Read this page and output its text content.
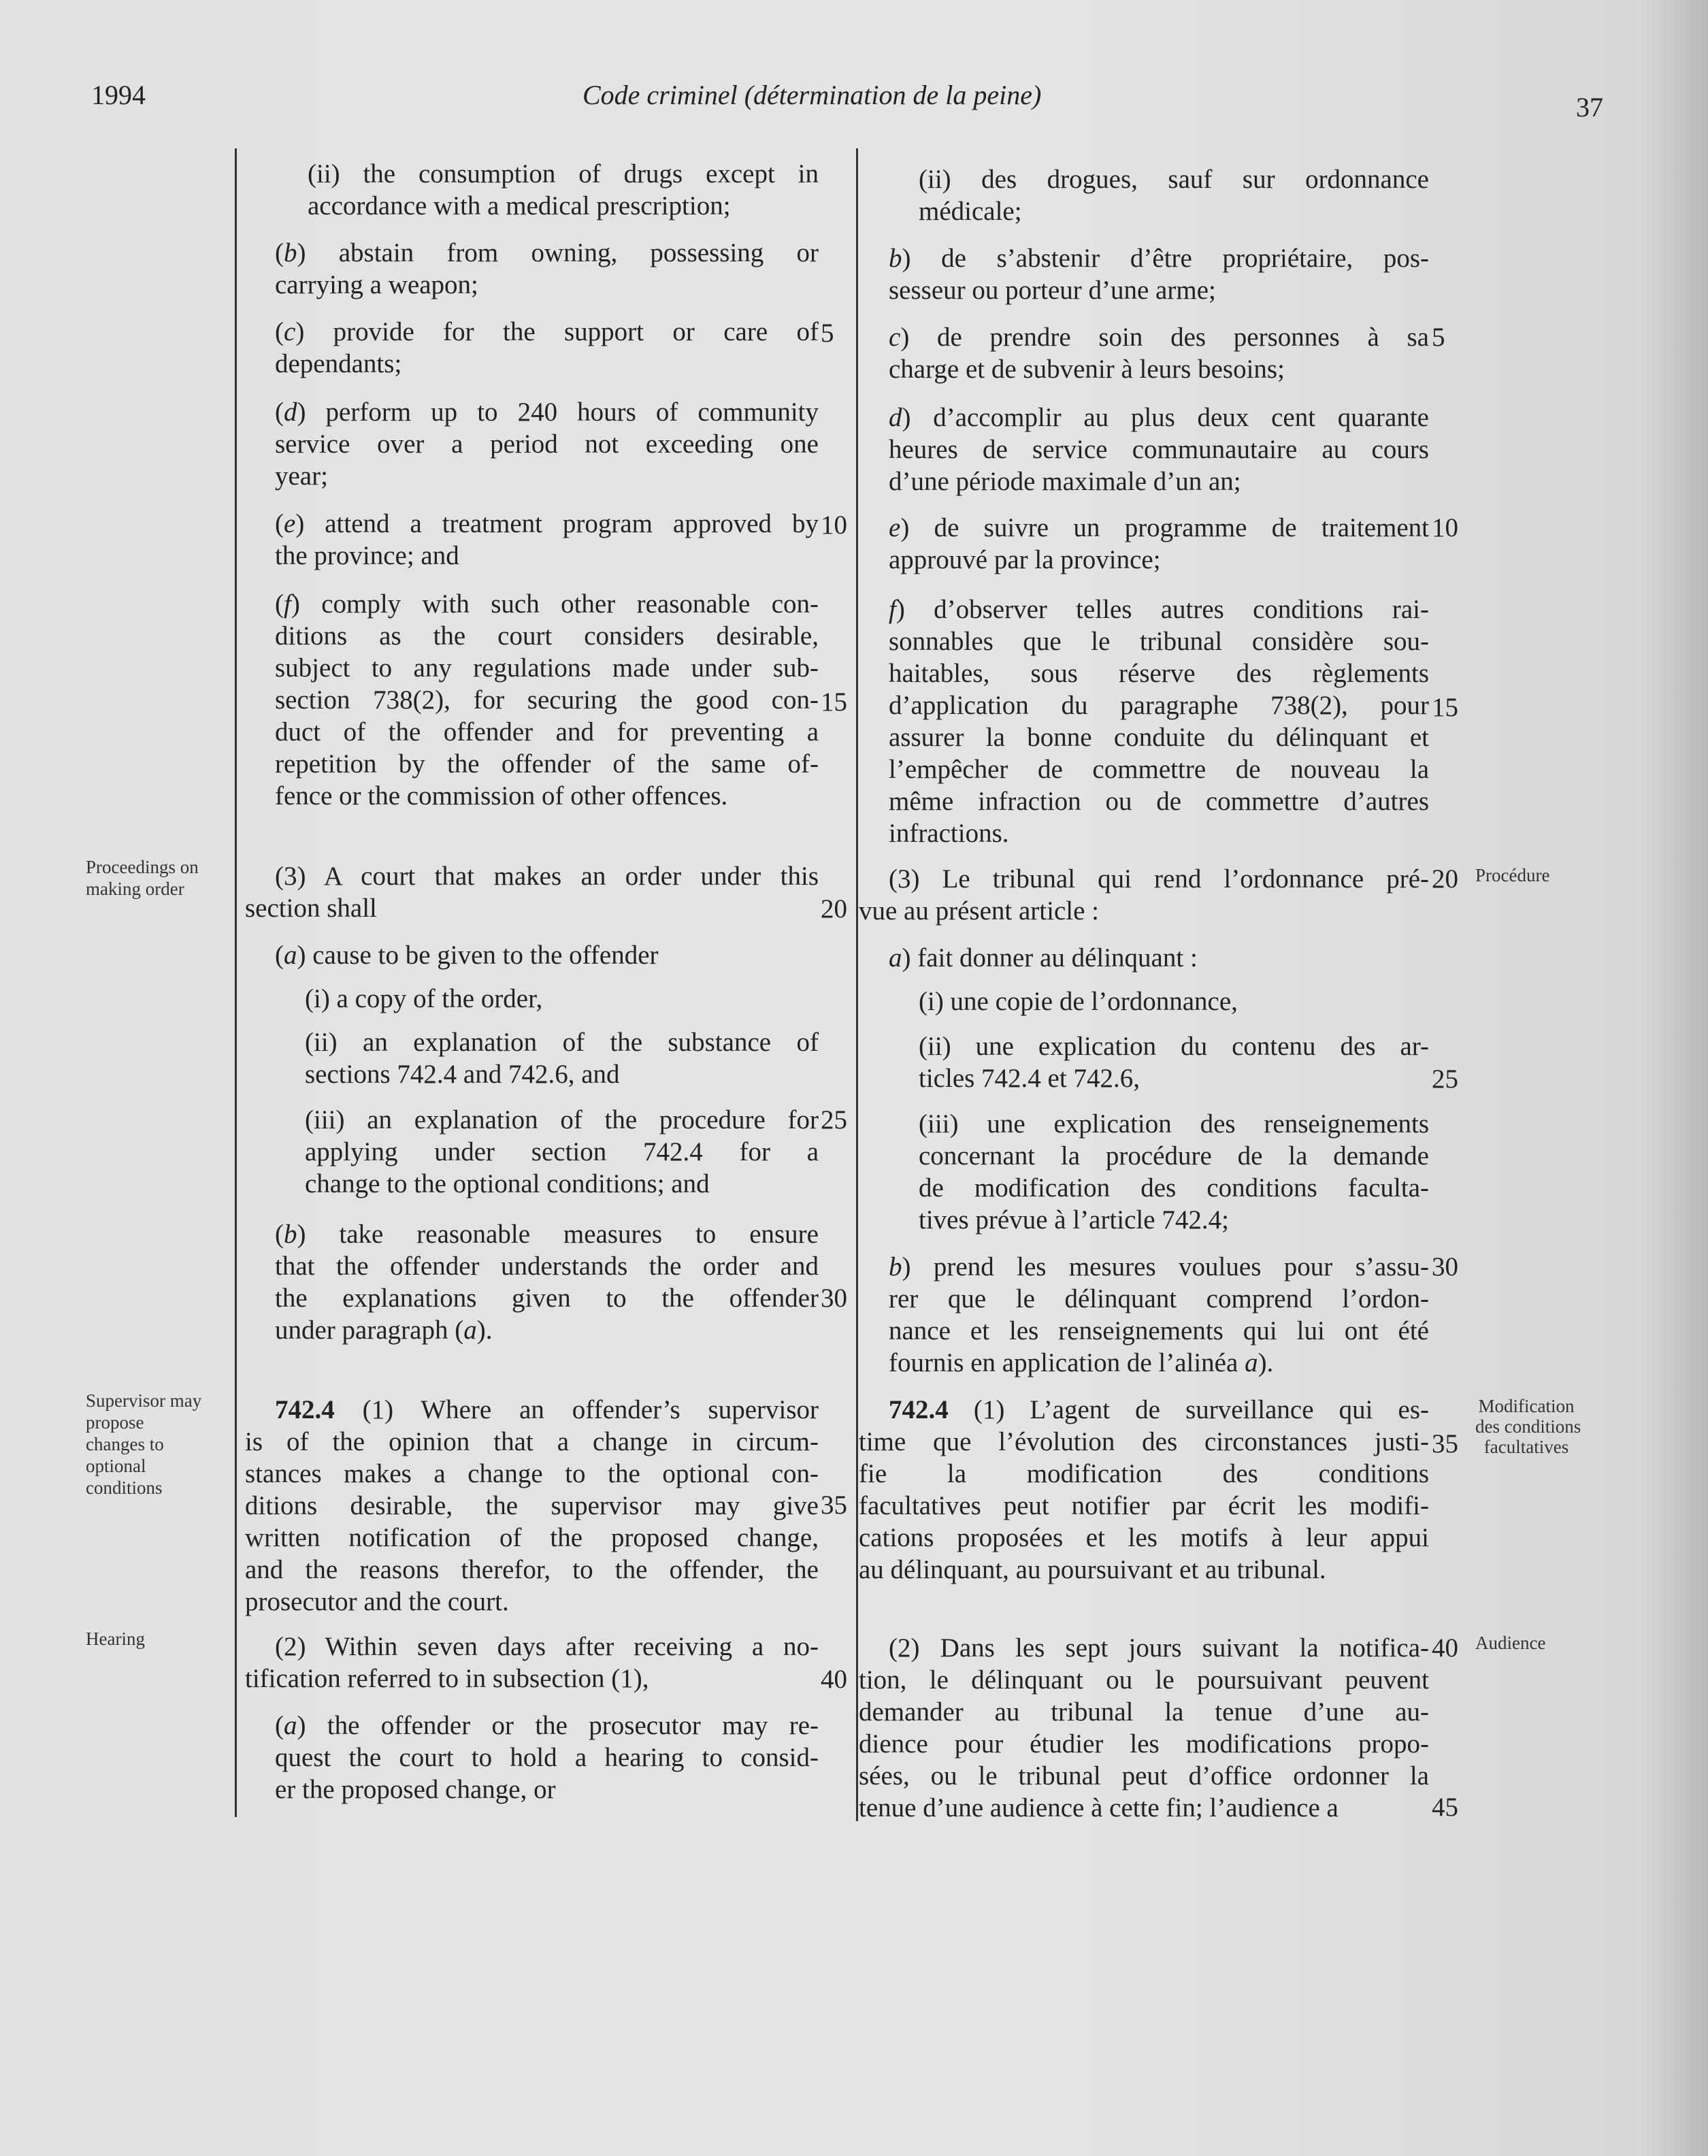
1994	Code criminel (détermination de la peine)	37
Proceedings on
making order
Supervisor may
propose
changes to
optional
conditions
Hearing
Procédure
Modification
des conditions
facultatives
Audience
5
10
15
20
25
30
35
40
5
10
15
20
25
30
35
40
45
(ii) the consumption of drugs except in
accordance with a medical prescription;
(b) abstain from owning, possessing or
carrying a weapon;
(c) provide for the support or care of
dependants;
(d) perform up to 240 hours of community
service over a period not exceeding one
year;
(e) attend a treatment program approved by
the province; and
(f) comply with such other reasonable con-
ditions as the court considers desirable,
subject to any regulations made under sub-
section 738(2), for securing the good con-
duct of the offender and for preventing a
repetition by the offender of the same of-
fence or the commission of other offences.
(3) A court that makes an order under this
section shall
(a) cause to be given to the offender
(i) a copy of the order,
(ii) an explanation of the substance of
sections 742.4 and 742.6, and
(iii) an explanation of the procedure for
applying under section 742.4 for a
change to the optional conditions; and
(b) take reasonable measures to ensure
that the offender understands the order and
the explanations given to the offender
under paragraph (a).
742.4 (1) Where an offender’s supervisor
is of the opinion that a change in circum-
stances makes a change to the optional con-
ditions desirable, the supervisor may give
written notification of the proposed change,
and the reasons therefor, to the offender, the
prosecutor and the court.
(2) Within seven days after receiving a no-
tification referred to in subsection (1),
(a) the offender or the prosecutor may re-
quest the court to hold a hearing to consid-
er the proposed change, or
(ii) des drogues, sauf sur ordonnance
médicale;
b) de s’abstenir d’être propriétaire, pos-
sesseur ou porteur d’une arme;
c) de prendre soin des personnes à sa
charge et de subvenir à leurs besoins;
d) d’accomplir au plus deux cent quarante
heures de service communautaire au cours
d’une période maximale d’un an;
e) de suivre un programme de traitement
approuvé par la province;
f) d’observer telles autres conditions rai-
sonnables que le tribunal considère sou-
haitables, sous réserve des règlements
d’application du paragraphe 738(2), pour
assurer la bonne conduite du délinquant et
l’empêcher de commettre de nouveau la
même infraction ou de commettre d’autres
infractions.
(3) Le tribunal qui rend l’ordonnance pré-
vue au présent article :
a) fait donner au délinquant :
(i) une copie de l’ordonnance,
(ii) une explication du contenu des ar-
ticles 742.4 et 742.6,
(iii) une explication des renseignements
concernant la procédure de la demande
de modification des conditions faculta-
tives prévue à l’article 742.4;
b) prend les mesures voulues pour s’assu-
rer que le délinquant comprend l’ordon-
nance et les renseignements qui lui ont été
fournis en application de l’alinéa a).
742.4 (1) L’agent de surveillance qui es-
time que l’évolution des circonstances justi-
fie la modification des conditions
facultatives peut notifier par écrit les modifi-
cations proposées et les motifs à leur appui
au délinquant, au poursuivant et au tribunal.
(2) Dans les sept jours suivant la notifica-
tion, le délinquant ou le poursuivant peuvent
demander au tribunal la tenue d’une au-
dience pour étudier les modifications propo-
sées, ou le tribunal peut d’office ordonner la
tenue d’une audience à cette fin; l’audience a
